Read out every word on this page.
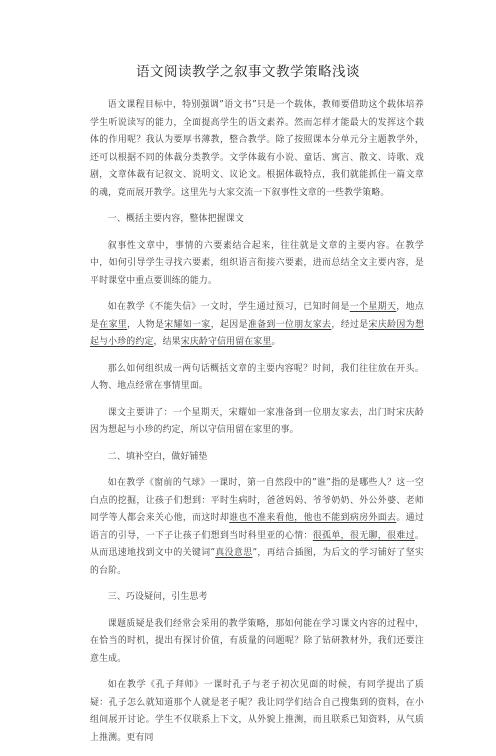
语文阅读教学之叙事文教学策略浅谈

语文课程目标中，特别强调”语文书”只是一个载体，教师要借助这个载体培养学生听说读写的能力，全面提高学生的语文素养。然而怎样才能最大的发挥这个载体的作用呢？我认为要厚书薄教，整合教学。除了按照课本分单元分主题教学外，还可以根据不同的体裁分类教学。文学体裁有小说、童话、寓言、散文、诗歌、戏剧，文章体裁有记叙文、说明文、议论文。根据体裁特点，我们就能抓住一篇文章的魂，竟而展开教学。这里先与大家交流一下叙事性文章的一些教学策略。

一、概括主要内容，整体把握课文

叙事性文章中，事情的六要素结合起来，往往就是文章的主要内容。在教学中，如何引导学生寻找六要素，组织语言衔接六要素，进而总结全文主要内容，是平时课堂中重点要训练的能力。

如在教学《不能失信》一文时，学生通过预习，已知时间是一个星期天，地点是在家里，人物是宋耀如一家，起因是准备到一位朋友家去，经过是宋庆龄因为想起与小珍的约定，结果宋庆龄守信用留在家里。

那么如何组织成一两句话概括文章的主要内容呢？时间，我们往往放在开头。人物、地点经常在事情里面。

课文主要讲了：一个星期天，宋耀如一家准备到一位朋友家去，出门时宋庆龄因为想起与小珍的约定，所以守信用留在家里的事。

二、填补空白，做好铺垫

如在教学《窗前的气球》一课时，第一自然段中的”谁”指的是哪些人？这一空白点的挖掘，让孩子们想到：平时生病时，爸爸妈妈、爷爷奶奶、外公外婆、老师同学等人都会来关心他，而这时却谁也不准来看他，他也不能到病房外面去。通过语言的引导，一下子让孩子们想到当时科里亚的心情：很孤单，很无聊，很难过。从而迅速地找到文中的关键词”真没意思”，再结合插图，为后文的学习铺好了坚实的台阶。

三、巧设疑问，引生思考

课题质疑是我们经常会采用的教学策略，那如何能在学习课文内容的过程中，在恰当的时机，提出有探讨价值，有质量的问题呢？除了钻研教材外，我们还要注意生成。

如在教学《孔子拜师》一课时孔子与老子初次见面的时候，有同学提出了质疑：孔子怎么就知道那个人就是老子呢？我让同学们结合自己搜集到的资料，在小组间展开讨论。学生不仅联系上下文，从外貌上推测，而且联系已知资料，从气质上推测。更有同
